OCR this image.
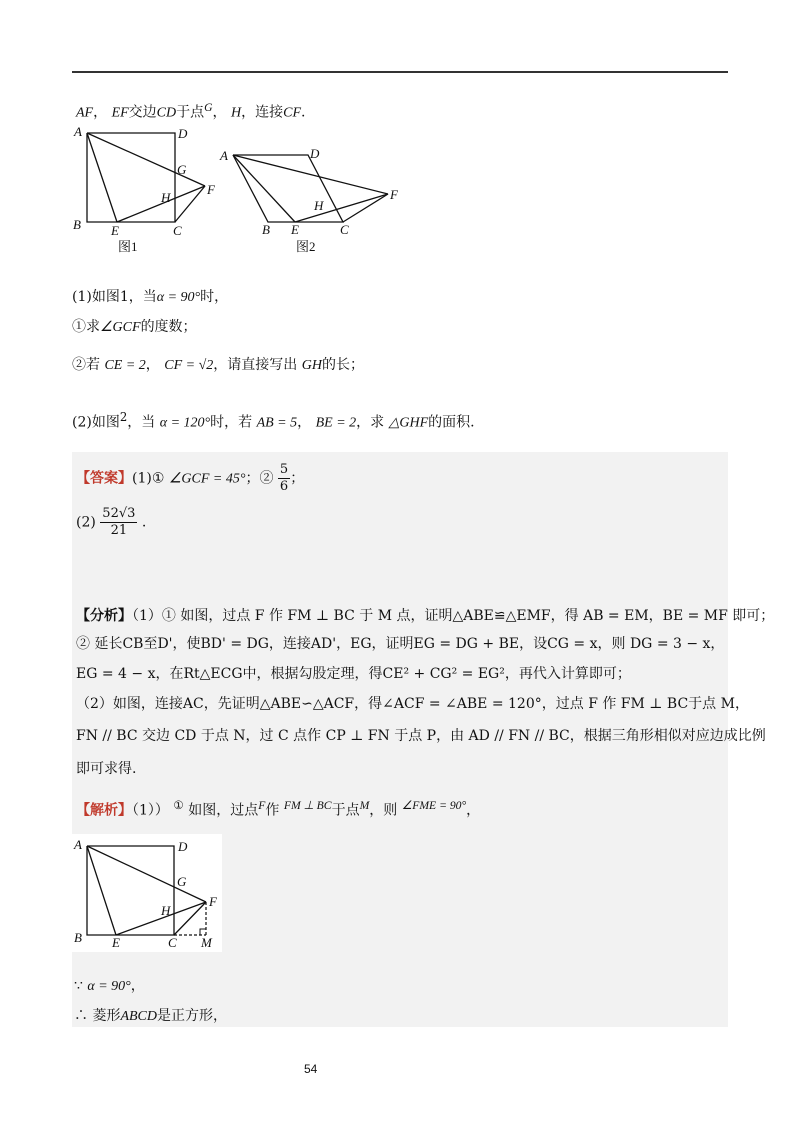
AF， EF交边CD于点$^G$， H，连接CF.
A	D
G
H
F
B E	C
A	D
F
H
B E	C
图1	图2
(1)如图1，当α = 90°时，
①求∠GCF的度数；
②若 CE = 2， CF = √2，请直接写出 GH的长；
(2)如图$^2$，当 α = 120°时，若 AB = 5， BE = 2，求 △GHF的面积.
【答案】(1)① ∠GCF = 45°；② $\frac{5}{6}$ ；
$(2) \frac{52√3}{21}$ .
【分析】（1）① 如图，过点 F 作 FM ⊥ BC 于 M 点，证明△ABE≌△EMF，得 AB = EM，BE = MF 即可；
② 延长CB至D'，使BD' = DG，连接AD'，EG，证明EG = DG + BE，设CG = x，则 DG = 3 − x，
EG = 4 − x，在Rt△ECG中，根据勾股定理，得CE² + CG² = EG²，再代入计算即可；
（2）如图，连接AC，先证明△ABE∽△ACF，得∠ACF = ∠ABE = 120°，过点 F 作 FM ⊥ BC于点 M，
FN // BC 交边 CD 于点 N，过 C 点作 CP ⊥ FN 于点 P，由 AD // FN // BC，根据三角形相似对应边成比例
即可求得.
【解析】（1）） ① 如图，过点$^F$作 $^{FM \perp BC}$于点$^M$，则 $^{\angle FME = 90^\circ}$，
A	D
G
H
F
B E	C M
∵ α = 90°，
∴ 菱形ABCD是正方形，
54
